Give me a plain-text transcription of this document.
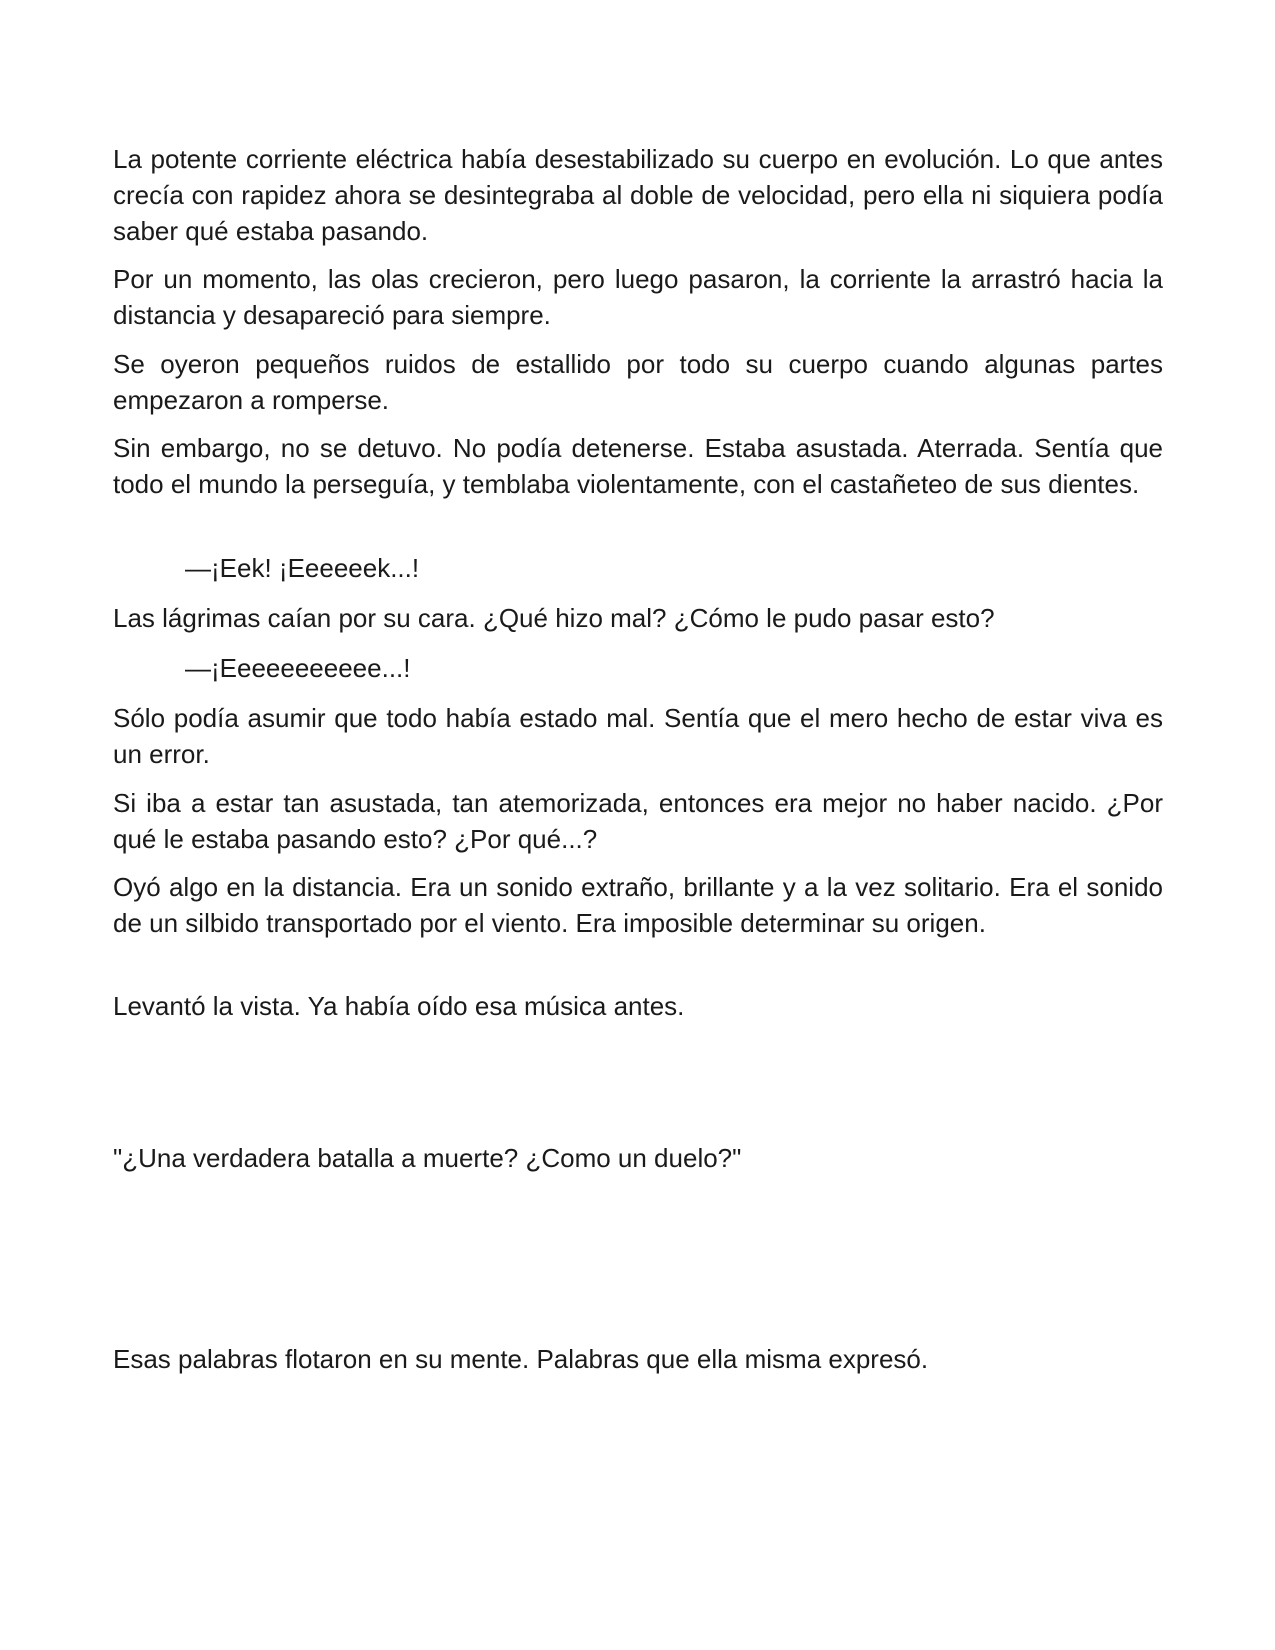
La potente corriente eléctrica había desestabilizado su cuerpo en evolución. Lo que antes crecía con rapidez ahora se desintegraba al doble de velocidad, pero ella ni siquiera podía saber qué estaba pasando.

Por un momento, las olas crecieron, pero luego pasaron, la corriente la arrastró hacia la distancia y desapareció para siempre.

Se oyeron pequeños ruidos de estallido por todo su cuerpo cuando algunas partes empezaron a romperse.

Sin embargo, no se detuvo. No podía detenerse. Estaba asustada. Aterrada. Sentía que todo el mundo la perseguía, y temblaba violentamente, con el castañeteo de sus dientes.

—¡Eek! ¡Eeeeeek...!

Las lágrimas caían por su cara. ¿Qué hizo mal? ¿Cómo le pudo pasar esto?

—¡Eeeeeeeeeee...!

Sólo podía asumir que todo había estado mal. Sentía que el mero hecho de estar viva es un error.

Si iba a estar tan asustada, tan atemorizada, entonces era mejor no haber nacido. ¿Por qué le estaba pasando esto? ¿Por qué...?

Oyó algo en la distancia. Era un sonido extraño, brillante y a la vez solitario. Era el sonido de un silbido transportado por el viento. Era imposible determinar su origen.

Levantó la vista. Ya había oído esa música antes.

"¿Una verdadera batalla a muerte? ¿Como un duelo?"

Esas palabras flotaron en su mente. Palabras que ella misma expresó.
